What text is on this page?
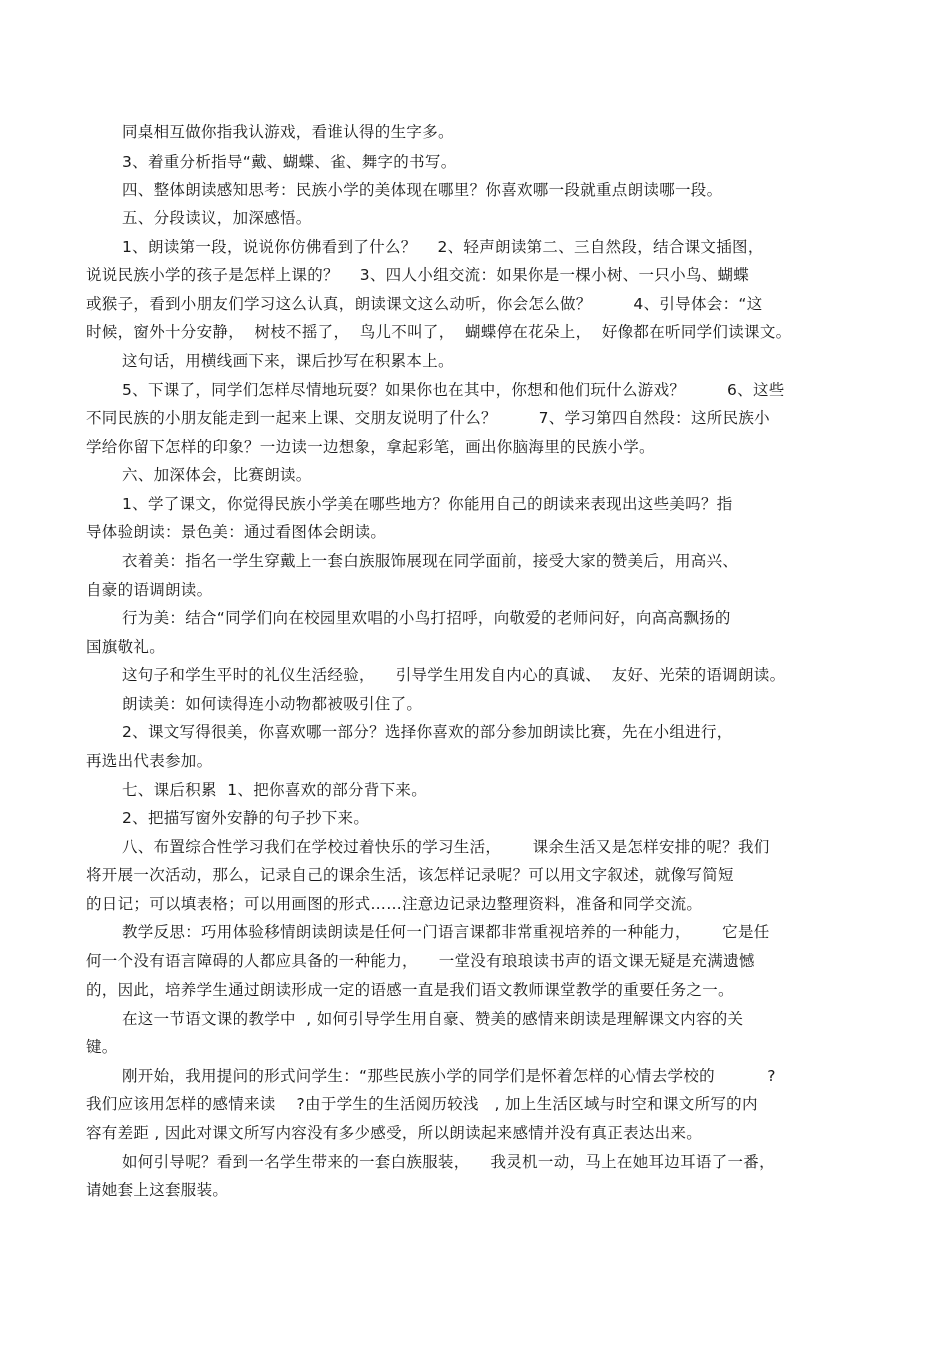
同桌相互做你指我认游戏，看谁认得的生字多。
3、着重分析指导“戴、蝴蝶、雀、舞字的书写。
四、整体朗读感知思考：民族小学的美体现在哪里？你喜欢哪一段就重点朗读哪一段。
五、分段读议，加深感悟。
1、朗读第一段，说说你仿佛看到了什么？    2、轻声朗读第二、三自然段，结合课文插图，
说说民族小学的孩子是怎样上课的？    3、四人小组交流：如果你是一棵小树、一只小鸟、蝴蝶
或猴子，看到小朋友们学习这么认真，朗读课文这么动听，你会怎么做？        4、引导体会：“这
时候，窗外十分安静，  树枝不摇了，  鸟儿不叫了，  蝴蝶停在花朵上，  好像都在听同学们读课文。
这句话，用横线画下来，课后抄写在积累本上。
5、下课了，同学们怎样尽情地玩耍？如果你也在其中，你想和他们玩什么游戏？        6、这些
不同民族的小朋友能走到一起来上课、交朋友说明了什么？        7、学习第四自然段：这所民族小
学给你留下怎样的印象？一边读一边想象，拿起彩笔，画出你脑海里的民族小学。
六、加深体会，比赛朗读。
1、学了课文，你觉得民族小学美在哪些地方？你能用自己的朗读来表现出这些美吗？指
导体验朗读：景色美：通过看图体会朗读。
衣着美：指名一学生穿戴上一套白族服饰展现在同学面前，接受大家的赞美后，用高兴、
自豪的语调朗读。
行为美：结合“同学们向在校园里欢唱的小鸟打招呼，向敬爱的老师问好，向高高飘扬的
国旗敬礼。
这句子和学生平时的礼仪生活经验，    引导学生用发自内心的真诚、  友好、光荣的语调朗读。
朗读美：如何读得连小动物都被吸引住了。
2、课文写得很美，你喜欢哪一部分？选择你喜欢的部分参加朗读比赛，先在小组进行，
再选出代表参加。
七、课后积累  1、把你喜欢的部分背下来。
2、把描写窗外安静的句子抄下来。
八、布置综合性学习我们在学校过着快乐的学习生活，      课余生活又是怎样安排的呢？我们
将开展一次活动，那么，记录自己的课余生活，该怎样记录呢？可以用文字叙述，就像写简短
的日记；可以填表格；可以用画图的形式……注意边记录边整理资料，准备和同学交流。
教学反思：巧用体验移情朗读朗读是任何一门语言课都非常重视培养的一种能力，      它是任
何一个没有语言障碍的人都应具备的一种能力，    一堂没有琅琅读书声的语文课无疑是充满遗憾
的，因此，培养学生通过朗读形成一定的语感一直是我们语文教师课堂教学的重要任务之一。
在这一节语文课的教学中  , 如何引导学生用自豪、赞美的感情来朗读是理解课文内容的关
键。
刚开始，我用提问的形式问学生：“那些民族小学的同学们是怀着怎样的心情去学校的          ?
我们应该用怎样的感情来读    ?由于学生的生活阅历较浅   , 加上生活区域与时空和课文所写的内
容有差距 , 因此对课文所写内容没有多少感受，所以朗读起来感情并没有真正表达出来。
如何引导呢？看到一名学生带来的一套白族服装，    我灵机一动，马上在她耳边耳语了一番，
请她套上这套服装。
